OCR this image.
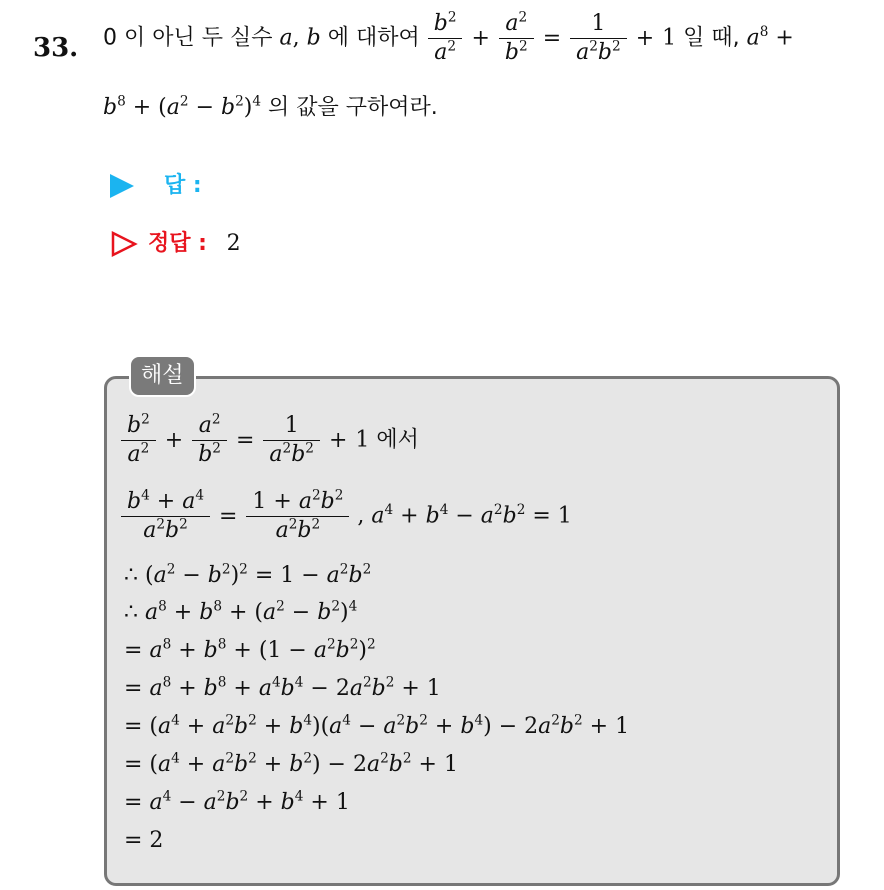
33. 0 이 아닌 두 실수 a, b 에 대하여 $\frac{b^2}{a^2} + \frac{a^2}{b^2} = \frac{1}{a^2b^2} + 1$ 일 때, $a^8$ +
$b^8 + (a^2 - b^2)^4$ 의 값을 구하여라.
답 :
정답 : 2
해설
$\frac{b^2}{a^2} + \frac{a^2}{b^2} = \frac{1}{a^2b^2} + 1$ 에서
$\frac{b^4 + a^4}{a^2b^2} = \frac{1 + a^2b^2}{a^2b^2}$ , $a^4 + b^4 - a^2b^2 = 1$
∴ $(a^2 - b^2)^2 = 1 - a^2b^2$
∴ $a^8 + b^8 + (a^2 - b^2)^4$
= $a^8 + b^8 + (1 - a^2b^2)^2$
= $a^8 + b^8 + a^4b^4 - 2a^2b^2 + 1$
= $(a^4 + a^2b^2 + b^4)(a^4 - a^2b^2 + b^4) - 2a^2b^2 + 1$
= $(a^4 + a^2b^2 + b^2) - 2a^2b^2 + 1$
= $a^4 - a^2b^2 + b^4 + 1$
= 2
